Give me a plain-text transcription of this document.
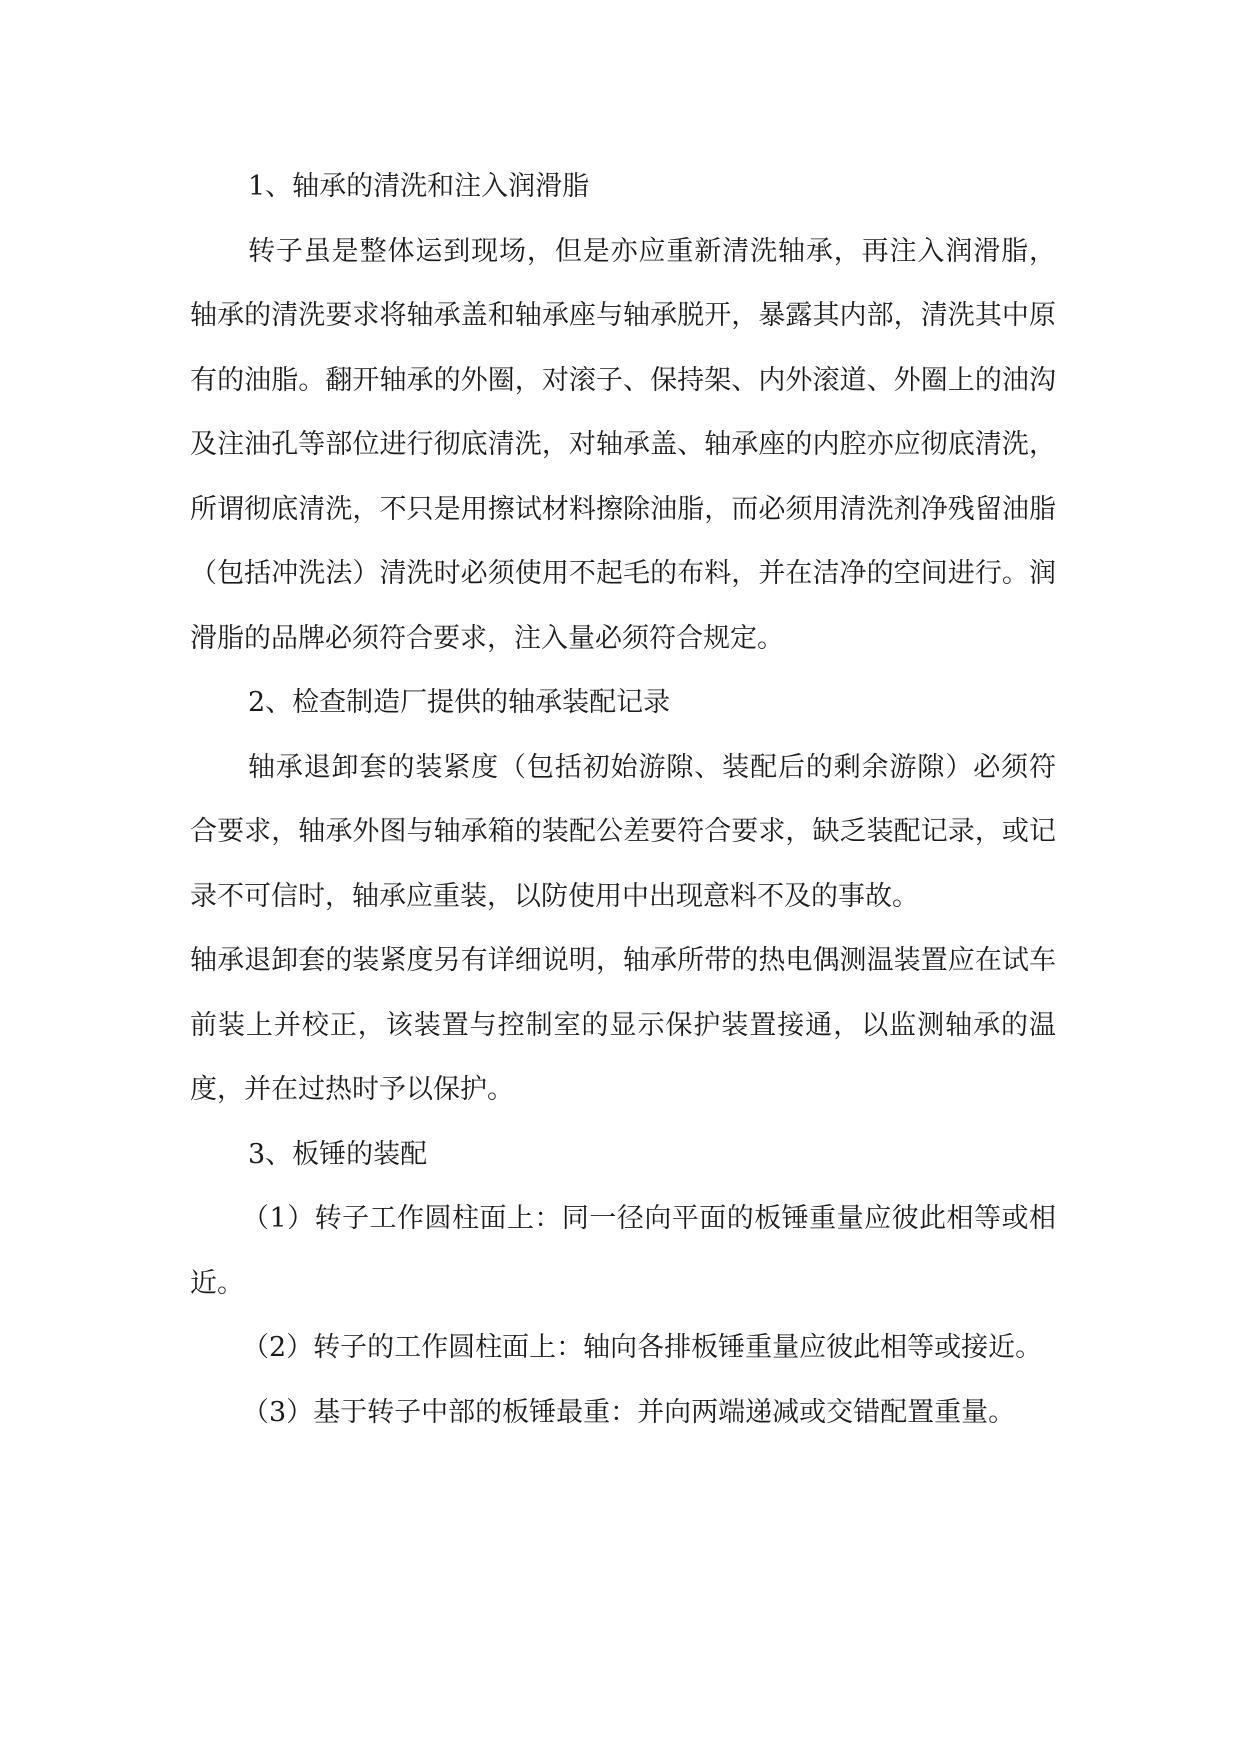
1、轴承的清洗和注入润滑脂

转子虽是整体运到现场，但是亦应重新清洗轴承，再注入润滑脂，轴承的清洗要求将轴承盖和轴承座与轴承脱开，暴露其内部，清洗其中原有的油脂。翻开轴承的外圈，对滚子、保持架、内外滚道、外圈上的油沟及注油孔等部位进行彻底清洗，对轴承盖、轴承座的内腔亦应彻底清洗，所谓彻底清洗，不只是用擦试材料擦除油脂，而必须用清洗剂净残留油脂（包括冲洗法）清洗时必须使用不起毛的布料，并在洁净的空间进行。润滑脂的品牌必须符合要求，注入量必须符合规定。

2、检查制造厂提供的轴承装配记录

轴承退卸套的装紧度（包括初始游隙、装配后的剩余游隙）必须符合要求，轴承外图与轴承箱的装配公差要符合要求，缺乏装配记录，或记录不可信时，轴承应重装，以防使用中出现意料不及的事故。

轴承退卸套的装紧度另有详细说明，轴承所带的热电偶测温装置应在试车前装上并校正，该装置与控制室的显示保护装置接通，以监测轴承的温度，并在过热时予以保护。

3、板锤的装配

（1）转子工作圆柱面上：同一径向平面的板锤重量应彼此相等或相近。

（2）转子的工作圆柱面上：轴向各排板锤重量应彼此相等或接近。

（3）基于转子中部的板锤最重：并向两端递减或交错配置重量。
